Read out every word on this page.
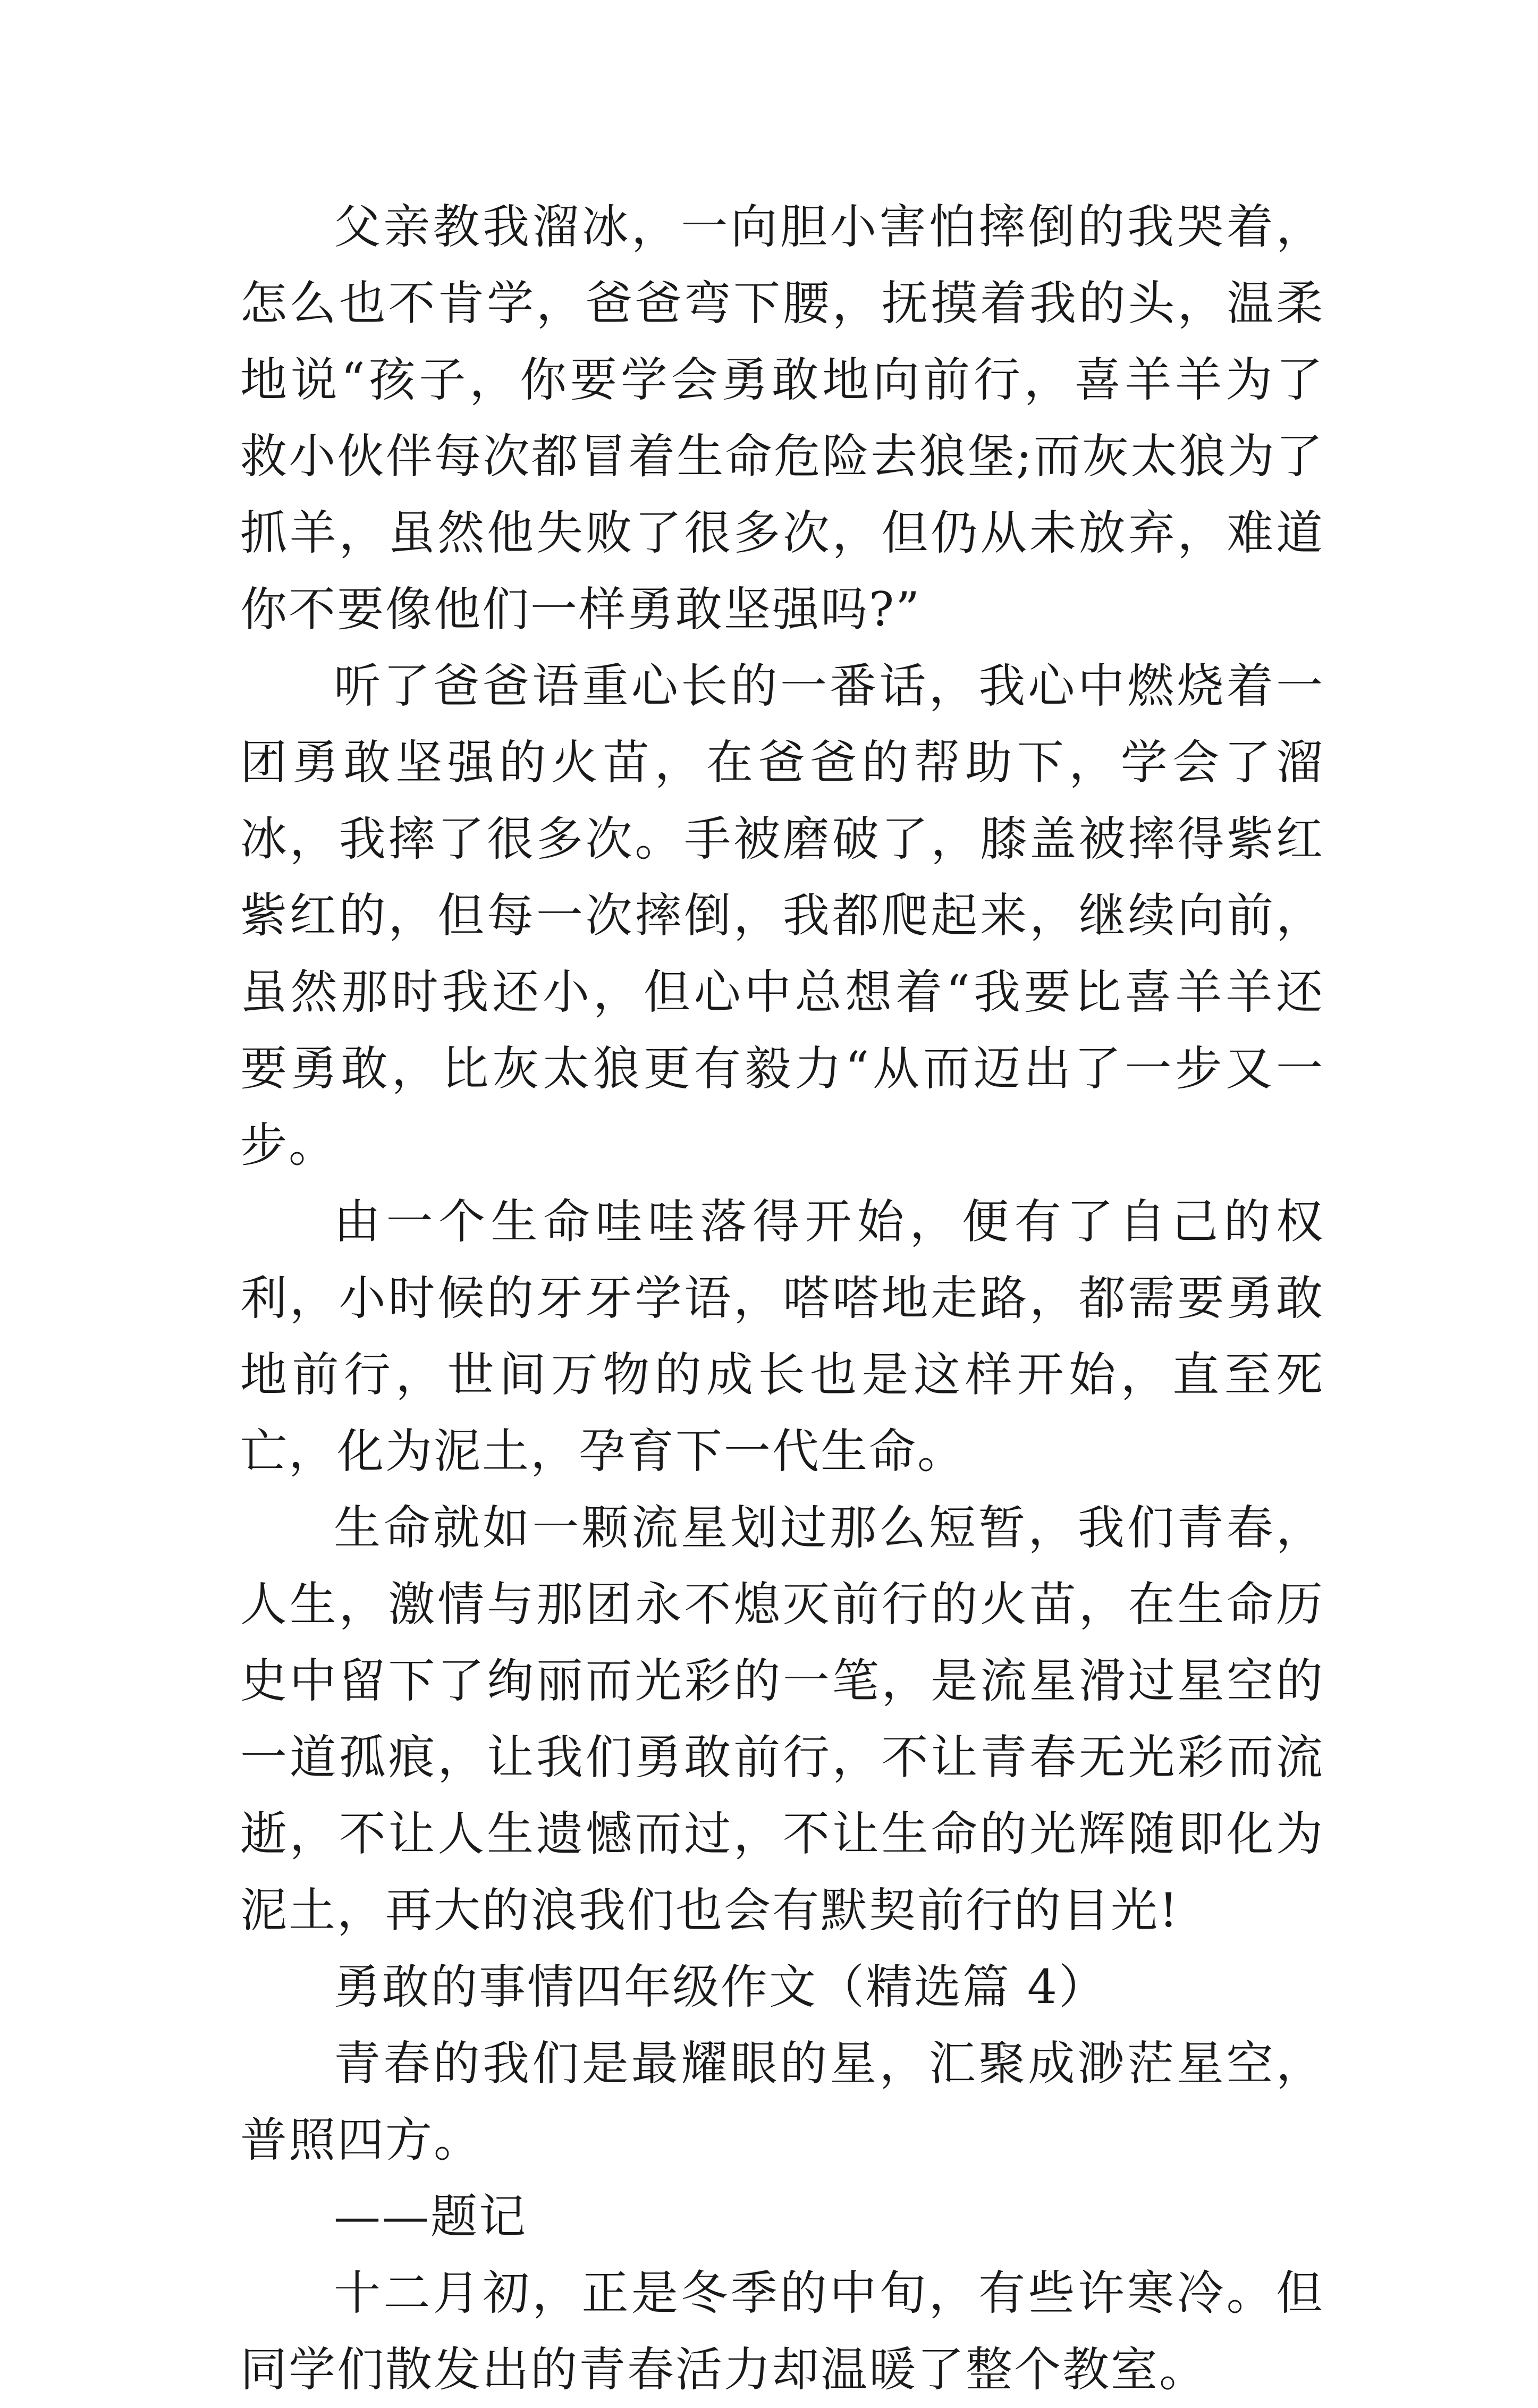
父亲教我溜冰，一向胆小害怕摔倒的我哭着，怎么也不肯学，爸爸弯下腰，抚摸着我的头，温柔地说“孩子，你要学会勇敢地向前行，喜羊羊为了救小伙伴每次都冒着生命危险去狼堡;而灰太狼为了抓羊，虽然他失败了很多次，但仍从未放弃，难道你不要像他们一样勇敢坚强吗?”

听了爸爸语重心长的一番话，我心中燃烧着一团勇敢坚强的火苗，在爸爸的帮助下，学会了溜冰，我摔了很多次。手被磨破了，膝盖被摔得紫红紫红的，但每一次摔倒，我都爬起来，继续向前，虽然那时我还小，但心中总想着“我要比喜羊羊还要勇敢，比灰太狼更有毅力“从而迈出了一步又一步。

由一个生命哇哇落得开始，便有了自己的权利，小时候的牙牙学语，嗒嗒地走路，都需要勇敢地前行，世间万物的成长也是这样开始，直至死亡，化为泥土，孕育下一代生命。

生命就如一颗流星划过那么短暂，我们青春，人生，激情与那团永不熄灭前行的火苗，在生命历史中留下了绚丽而光彩的一笔，是流星滑过星空的一道孤痕，让我们勇敢前行，不让青春无光彩而流逝，不让人生遗憾而过，不让生命的光辉随即化为泥土，再大的浪我们也会有默契前行的目光!

勇敢的事情四年级作文（精选篇 4）

青春的我们是最耀眼的星，汇聚成渺茫星空，普照四方。

——题记

十二月初，正是冬季的中旬，有些许寒冷。但同学们散发出的青春活力却温暖了整个教室。
